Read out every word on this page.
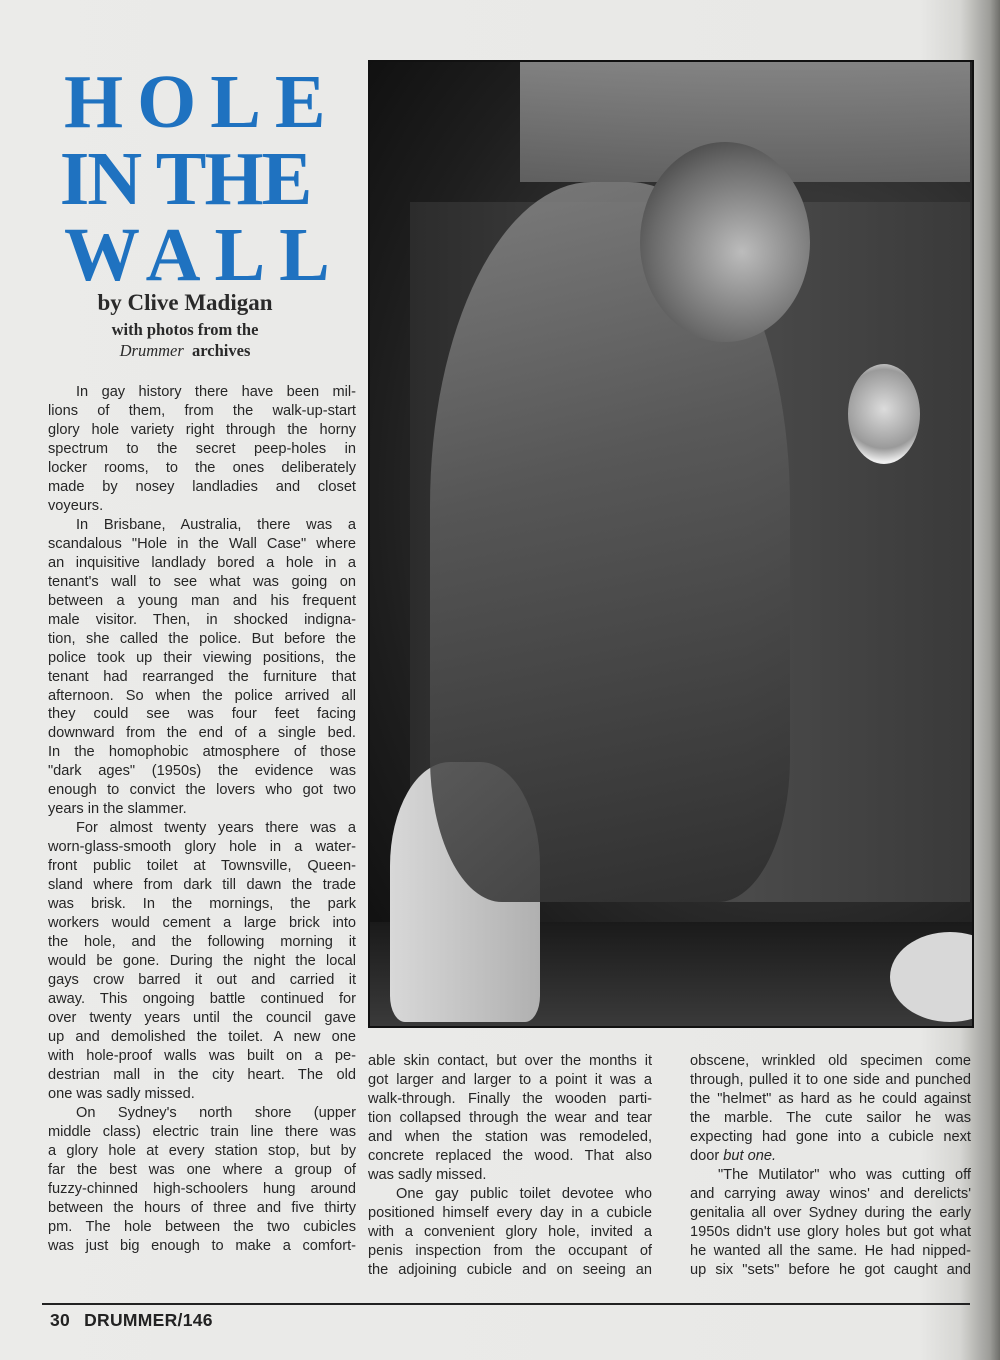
HOLE
IN THE
WALL
by Clive Madigan
with photos from the
Drummer archives
In gay history there have been mil-
lions of them, from the walk-up-start
glory hole variety right through the horny
spectrum to the secret peep-holes in
locker rooms, to the ones deliberately
made by nosey landladies and closet
voyeurs.
In Brisbane, Australia, there was a
scandalous "Hole in the Wall Case" where
an inquisitive landlady bored a hole in a
tenant's wall to see what was going on
between a young man and his frequent
male visitor. Then, in shocked indigna-
tion, she called the police. But before the
police took up their viewing positions, the
tenant had rearranged the furniture that
afternoon. So when the police arrived all
they could see was four feet facing
downward from the end of a single bed.
In the homophobic atmosphere of those
"dark ages" (1950s) the evidence was
enough to convict the lovers who got two
years in the slammer.
For almost twenty years there was a
worn-glass-smooth glory hole in a water-
front public toilet at Townsville, Queen-
sland where from dark till dawn the trade
was brisk. In the mornings, the park
workers would cement a large brick into
the hole, and the following morning it
would be gone. During the night the local
gays crow barred it out and carried it
away. This ongoing battle continued for
over twenty years until the council gave
up and demolished the toilet. A new one
with hole-proof walls was built on a pe-
destrian mall in the city heart. The old
one was sadly missed.
On Sydney's north shore (upper
middle class) electric train line there was
a glory hole at every station stop, but by
far the best was one where a group of
fuzzy-chinned high-schoolers hung around
between the hours of three and five thirty
pm. The hole between the two cubicles
was just big enough to make a comfort-
able skin contact, but over the months it
got larger and larger to a point it was a
walk-through. Finally the wooden parti-
tion collapsed through the wear and tear
and when the station was remodeled,
concrete replaced the wood. That also
was sadly missed.
One gay public toilet devotee who
positioned himself every day in a cubicle
with a convenient glory hole, invited a
penis inspection from the occupant of
the adjoining cubicle and on seeing an
obscene, wrinkled old specimen come
through, pulled it to one side and punched
the "helmet" as hard as he could against
the marble. The cute sailor he was
expecting had gone into a cubicle next
door but one.
"The Mutilator" who was cutting off
and carrying away winos' and derelicts'
genitalia all over Sydney during the early
1950s didn't use glory holes but got what
he wanted all the same. He had nipped-
up six "sets" before he got caught and
30 DRUMMER/146
